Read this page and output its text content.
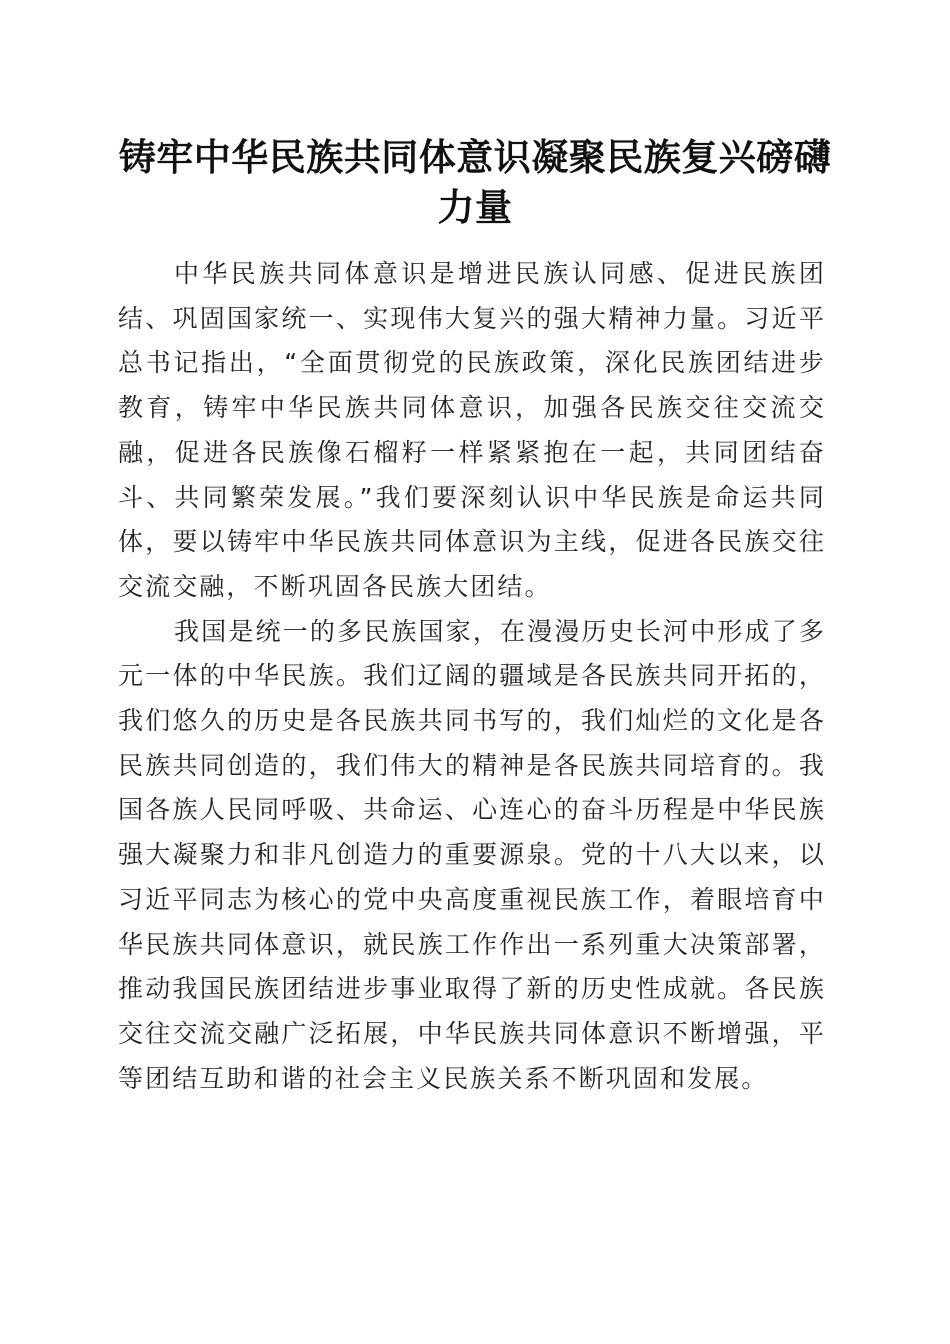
铸牢中华民族共同体意识凝聚民族复兴磅礴力量

中华民族共同体意识是增进民族认同感、促进民族团结、巩固国家统一、实现伟大复兴的强大精神力量。习近平总书记指出，“全面贯彻党的民族政策，深化民族团结进步教育，铸牢中华民族共同体意识，加强各民族交往交流交融，促进各民族像石榴籽一样紧紧抱在一起，共同团结奋斗、共同繁荣发展。”我们要深刻认识中华民族是命运共同体，要以铸牢中华民族共同体意识为主线，促进各民族交往交流交融，不断巩固各民族大团结。

我国是统一的多民族国家，在漫漫历史长河中形成了多元一体的中华民族。我们辽阔的疆域是各民族共同开拓的，我们悠久的历史是各民族共同书写的，我们灿烂的文化是各民族共同创造的，我们伟大的精神是各民族共同培育的。我国各族人民同呼吸、共命运、心连心的奋斗历程是中华民族强大凝聚力和非凡创造力的重要源泉。党的十八大以来，以习近平同志为核心的党中央高度重视民族工作，着眼培育中华民族共同体意识，就民族工作作出一系列重大决策部署，推动我国民族团结进步事业取得了新的历史性成就。各民族交往交流交融广泛拓展，中华民族共同体意识不断增强，平等团结互助和谐的社会主义民族关系不断巩固和发展。
